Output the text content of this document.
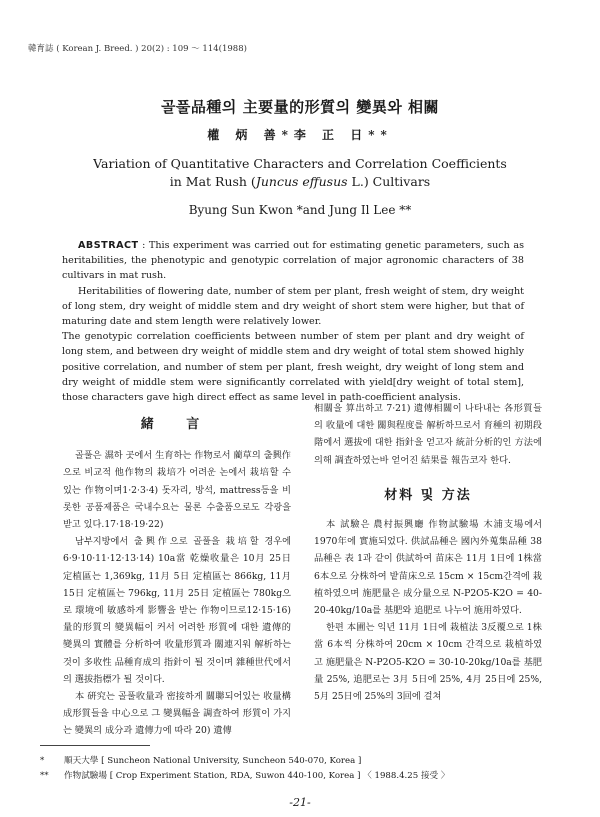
韓育誌 ( Korean J. Breed. ) 20(2) : 109 ～ 114(1988)
골풀品種의 主要量的形質의 變異와 相關
權 炳 善*李 正 日**
Variation of Quantitative Characters and Correlation Coefficients
in Mat Rush (Juncus effusus L.) Cultivars
Byung Sun Kwon *and Jung Il Lee **

ABSTRACT : This experiment was carried out for estimating genetic parameters, such as heritabilities, the phenotypic and genotypic correlation of major agronomic characters of 38 cultivars in mat rush.

Heritabilities of flowering date, number of stem per plant, fresh weight of stem, dry weight of long stem, dry weight of middle stem and dry weight of short stem were higher, but that of maturing date and stem length were relatively lower.

The genotypic correlation coefficients between number of stem per plant and dry weight of long stem, and between dry weight of middle stem and dry weight of total stem showed highly positive correlation, and number of stem per plant, fresh weight, dry weight of long stem and dry weight of middle stem were significantly correlated with yield[dry weight of total stem], those characters gave high direct effect as same level in path-coefficient analysis.

緒 言

골풀은 濕하 곳에서 生育하는 作物로서 藺草의 출興作으로 비교적 他作物의 栽培가 어려운 논에서 栽培할 수 있는 作物이며1·2·3·4) 돗자리, 방석, mattress등을 비롯한 공품제품은 국내수요는 물론 수출품으로도 각광을 받고 있다.17·18·19·22)

남부지방에서 출興作으로 골풀을 栽培할 경우에6·9·10·11·12·13·14) 10a當 乾燥收量은 10月 25日 定植區는 1,369kg, 11月 5日 定植區는 866kg, 11月 15日 定植區는 796kg, 11月 25日 定植區는 780kg으로 環境에 敏感하게 影響을 받는 作物이므로12·15·16) 量的形質의 變異幅이 커서 어려한 形質에 대한 遺傳的 變異의 實體를 分析하여 收量形質과 關連지워 解析하는 것이 多收性 品種育成의 指針이 될 것이며 雜種世代에서의 選拔指標가 될 것이다.

本 硏究는 골풀收量과 密接하게 關聯되어있는 收量構成形質들을 中心으로 그 變異幅을 調査하여 形質이 가지는 變異의 成分과 遺傳力에 따라 20) 遺傳

相關을 算出하고 7·21) 遺傳相關이 나타내는 各形質들의 收量에 대한 關與程度를 解析하므로서 育種의 初期段階에서 選拔에 대한 指針을 얻고자 統計分析的인 方法에 의해 調査하였는바 얻어진 結果를 報告코자 한다.

材料 및 方法

本 試驗은 農村振興廳 作物試驗場 木浦支場에서 1970年에 實施되었다. 供試品種은 國內外蒐集品種 38品種은 表 1과 같이 供試하여 苗床은 11月 1日에 1株當 6本으로 分株하여 밭苗床으로 15cm × 15cm간격에 栽植하였으며 施肥量은 成分量으로 N-P2O5-K2O = 40-20-40kg/10a를 基肥와 追肥로 나누어 施用하였다.

한편 本圃는 익년 11月 1日에 栽植法 3反覆으로 1株當 6本씩 分株하여 20cm × 10cm 간격으로 栽植하였고 施肥量은 N-P2O5-K2O = 30-10-20kg/10a를 基肥量 25%, 追肥로는 3月 5日에 25%, 4月 25日에 25%, 5月 25日에 25%의 3回에 걸쳐

* 順天大學 [ Suncheon National University, Suncheon 540-070, Korea ]
** 作物試驗場 [ Crop Experiment Station, RDA, Suwon 440-100, Korea ] 〈 1988.4.25 接受 〉
-21-
